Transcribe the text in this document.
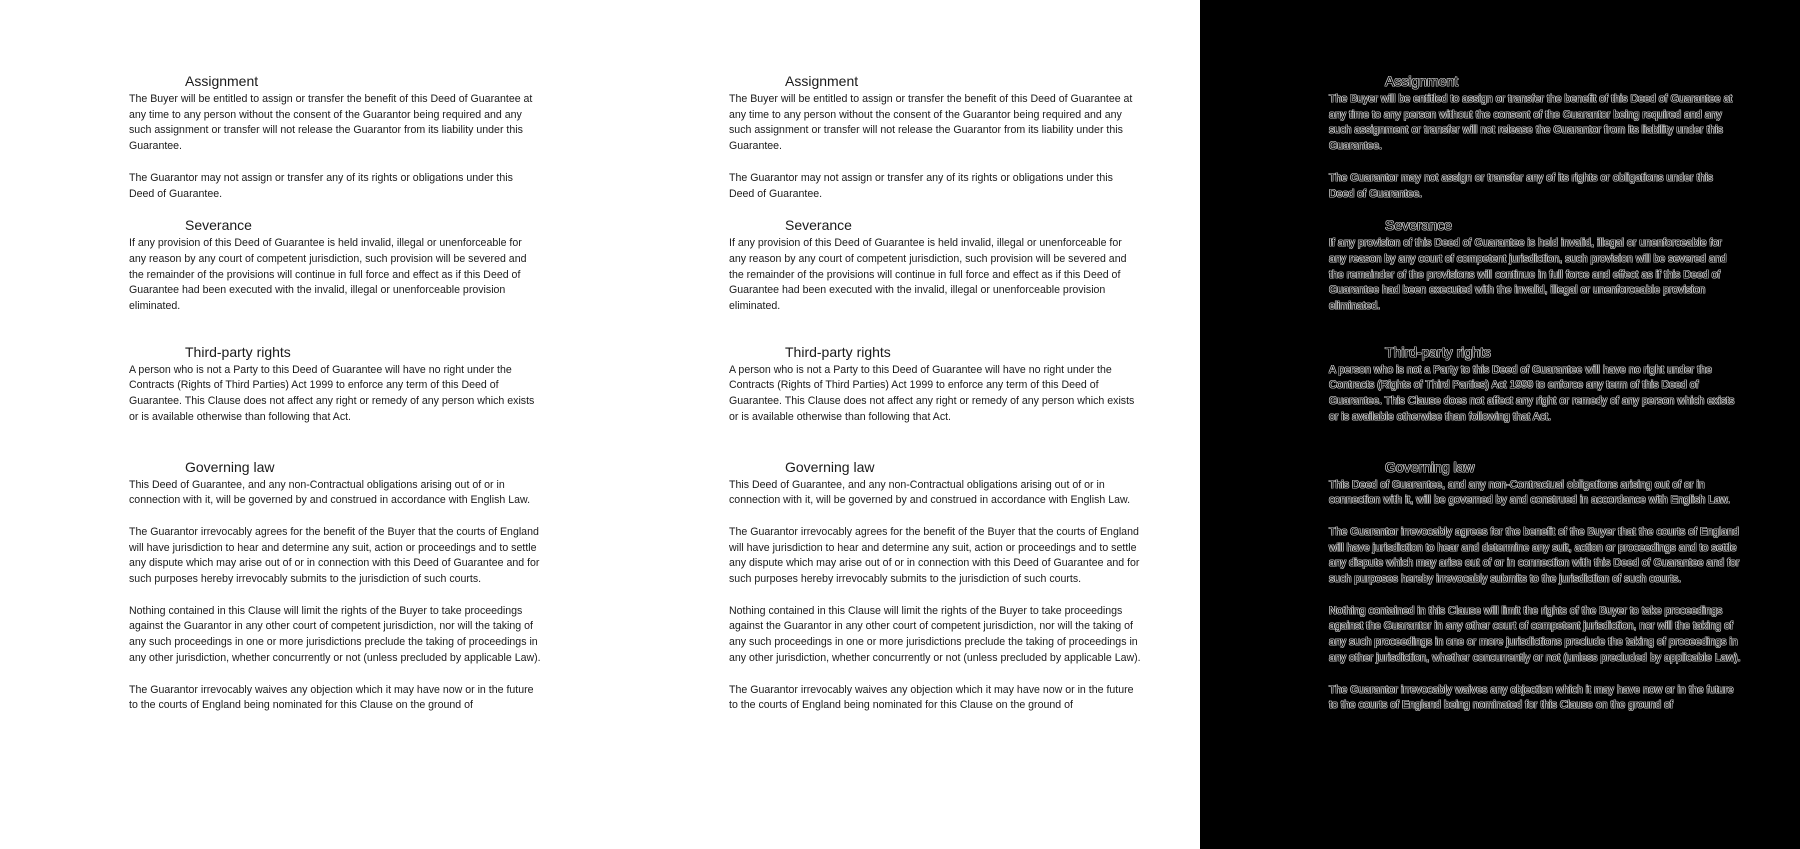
Assignment

The Buyer will be entitled to assign or transfer the benefit of this Deed of Guarantee at any time to any person without the consent of the Guarantor being required and any such assignment or transfer will not release the Guarantor from its liability under this Guarantee.

The Guarantor may not assign or transfer any of its rights or obligations under this Deed of Guarantee.

Severance

If any provision of this Deed of Guarantee is held invalid, illegal or unenforceable for any reason by any court of competent jurisdiction, such provision will be severed and the remainder of the provisions will continue in full force and effect as if this Deed of Guarantee had been executed with the invalid, illegal or unenforceable provision eliminated.

Third-party rights

A person who is not a Party to this Deed of Guarantee will have no right under the Contracts (Rights of Third Parties) Act 1999 to enforce any term of this Deed of Guarantee. This Clause does not affect any right or remedy of any person which exists or is available otherwise than following that Act.

Governing law

This Deed of Guarantee, and any non-Contractual obligations arising out of or in connection with it, will be governed by and construed in accordance with English Law.

The Guarantor irrevocably agrees for the benefit of the Buyer that the courts of England will have jurisdiction to hear and determine any suit, action or proceedings and to settle any dispute which may arise out of or in connection with this Deed of Guarantee and for such purposes hereby irrevocably submits to the jurisdiction of such courts.

Nothing contained in this Clause will limit the rights of the Buyer to take proceedings against the Guarantor in any other court of competent jurisdiction, nor will the taking of any such proceedings in one or more jurisdictions preclude the taking of proceedings in any other jurisdiction, whether concurrently or not (unless precluded by applicable Law).

The Guarantor irrevocably waives any objection which it may have now or in the future to the courts of England being nominated for this Clause on the ground of

Assignment

The Buyer will be entitled to assign or transfer the benefit of this Deed of Guarantee at any time to any person without the consent of the Guarantor being required and any such assignment or transfer will not release the Guarantor from its liability under this Guarantee.

The Guarantor may not assign or transfer any of its rights or obligations under this Deed of Guarantee.

Severance

If any provision of this Deed of Guarantee is held invalid, illegal or unenforceable for any reason by any court of competent jurisdiction, such provision will be severed and the remainder of the provisions will continue in full force and effect as if this Deed of Guarantee had been executed with the invalid, illegal or unenforceable provision eliminated.

Third-party rights

A person who is not a Party to this Deed of Guarantee will have no right under the Contracts (Rights of Third Parties) Act 1999 to enforce any term of this Deed of Guarantee. This Clause does not affect any right or remedy of any person which exists or is available otherwise than following that Act.

Governing law

This Deed of Guarantee, and any non-Contractual obligations arising out of or in connection with it, will be governed by and construed in accordance with English Law.

The Guarantor irrevocably agrees for the benefit of the Buyer that the courts of England will have jurisdiction to hear and determine any suit, action or proceedings and to settle any dispute which may arise out of or in connection with this Deed of Guarantee and for such purposes hereby irrevocably submits to the jurisdiction of such courts.

Nothing contained in this Clause will limit the rights of the Buyer to take proceedings against the Guarantor in any other court of competent jurisdiction, nor will the taking of any such proceedings in one or more jurisdictions preclude the taking of proceedings in any other jurisdiction, whether concurrently or not (unless precluded by applicable Law).

The Guarantor irrevocably waives any objection which it may have now or in the future to the courts of England being nominated for this Clause on the ground of

Assignment

The Buyer will be entitled to assign or transfer the benefit of this Deed of Guarantee at any time to any person without the consent of the Guarantor being required and any such assignment or transfer will not release the Guarantor from its liability under this Guarantee.

The Guarantor may not assign or transfer any of its rights or obligations under this Deed of Guarantee.

Severance

If any provision of this Deed of Guarantee is held invalid, illegal or unenforceable for any reason by any court of competent jurisdiction, such provision will be severed and the remainder of the provisions will continue in full force and effect as if this Deed of Guarantee had been executed with the invalid, illegal or unenforceable provision eliminated.

Third-party rights

A person who is not a Party to this Deed of Guarantee will have no right under the Contracts (Rights of Third Parties) Act 1999 to enforce any term of this Deed of Guarantee. This Clause does not affect any right or remedy of any person which exists or is available otherwise than following that Act.

Governing law

This Deed of Guarantee, and any non-Contractual obligations arising out of or in connection with it, will be governed by and construed in accordance with English Law.

The Guarantor irrevocably agrees for the benefit of the Buyer that the courts of England will have jurisdiction to hear and determine any suit, action or proceedings and to settle any dispute which may arise out of or in connection with this Deed of Guarantee and for such purposes hereby irrevocably submits to the jurisdiction of such courts.

Nothing contained in this Clause will limit the rights of the Buyer to take proceedings against the Guarantor in any other court of competent jurisdiction, nor will the taking of any such proceedings in one or more jurisdictions preclude the taking of proceedings in any other jurisdiction, whether concurrently or not (unless precluded by applicable Law).

The Guarantor irrevocably waives any objection which it may have now or in the future to the courts of England being nominated for this Clause on the ground of
